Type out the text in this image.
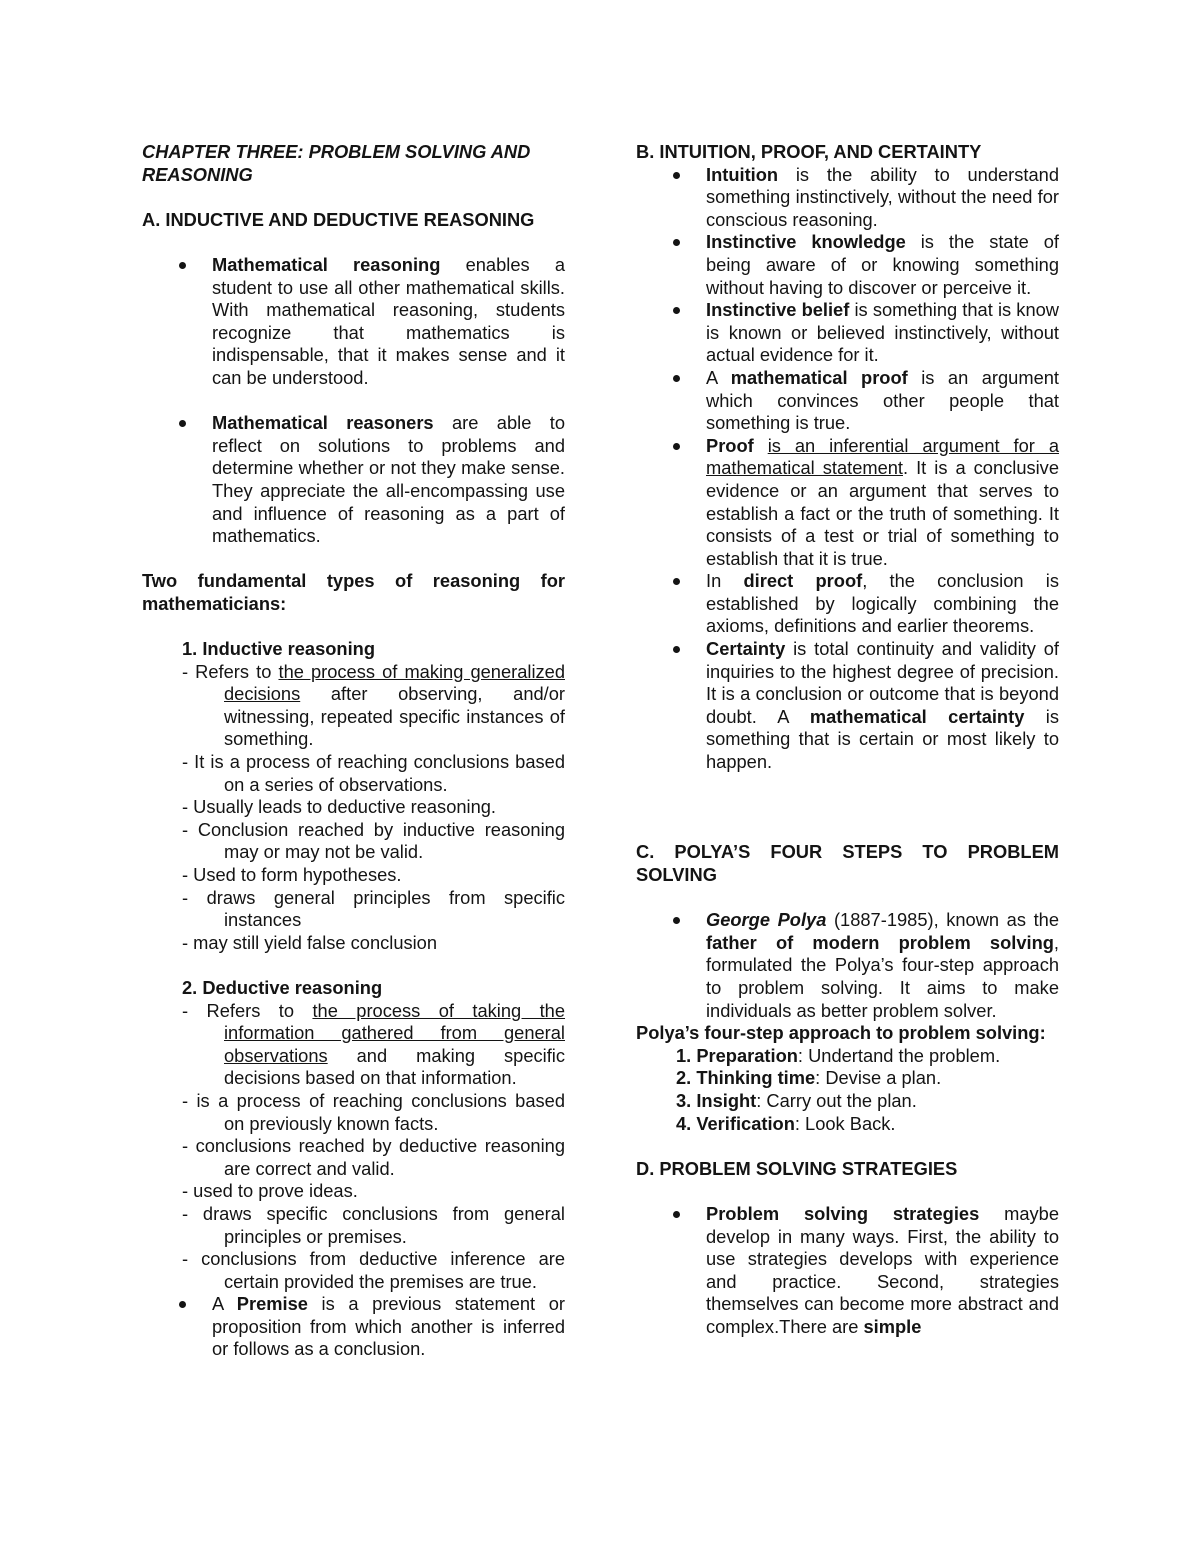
CHAPTER THREE: PROBLEM SOLVING AND
REASONING

A. INDUCTIVE AND DEDUCTIVE REASONING

Mathematical reasoning enables a student to use all other mathematical skills. With mathematical reasoning, students recognize that mathematics is indispensable, that it makes sense and it can be understood.
Mathematical reasoners are able to reflect on solutions to problems and determine whether or not they make sense. They appreciate the all-encompassing use and influence of reasoning as a part of mathematics.

Two fundamental types of reasoning for mathematicians:

1. Inductive reasoning
- Refers to the process of making generalized decisions after observing, and/or witnessing, repeated specific instances of something.
- It is a process of reaching conclusions based on a series of observations.
- Usually leads to deductive reasoning.
- Conclusion reached by inductive reasoning may or may not be valid.
- Used to form hypotheses.
- draws general principles from specific instances
- may still yield false conclusion
2. Deductive reasoning
- Refers to the process of taking the information gathered from general observations and making specific decisions based on that information.
- is a process of reaching conclusions based on previously known facts.
- conclusions reached by deductive reasoning are correct and valid.
- used to prove ideas.
- draws specific conclusions from general principles or premises.
- conclusions from deductive inference are certain provided the premises are true.
A Premise is a previous statement or proposition from which another is inferred or follows as a conclusion.

B. INTUITION, PROOF, AND CERTAINTY

Intuition is the ability to understand something instinctively, without the need for conscious reasoning.
Instinctive knowledge is the state of being aware of or knowing something without having to discover or perceive it.
Instinctive belief is something that is know is known or believed instinctively, without actual evidence for it.
A mathematical proof is an argument which convinces other people that something is true.
Proof is an inferential argument for a mathematical statement. It is a conclusive evidence or an argument that serves to establish a fact or the truth of something. It consists of a test or trial of something to establish that it is true.
In direct proof, the conclusion is established by logically combining the axioms, definitions and earlier theorems.
Certainty is total continuity and validity of inquiries to the highest degree of precision. It is a conclusion or outcome that is beyond doubt. A mathematical certainty is something that is certain or most likely to happen.

C. POLYA’S FOUR STEPS TO PROBLEM SOLVING

George Polya (1887-1985), known as the father of modern problem solving, formulated the Polya’s four-step approach to problem solving. It aims to make individuals as better problem solver.

Polya’s four-step approach to problem solving:

1. Preparation: Undertand the problem.
2. Thinking time: Devise a plan.
3. Insight: Carry out the plan.
4. Verification: Look Back.

D. PROBLEM SOLVING STRATEGIES

Problem solving strategies maybe develop in many ways. First, the ability to use strategies develops with experience and practice. Second, strategies themselves can become more abstract and complex.There are simple
